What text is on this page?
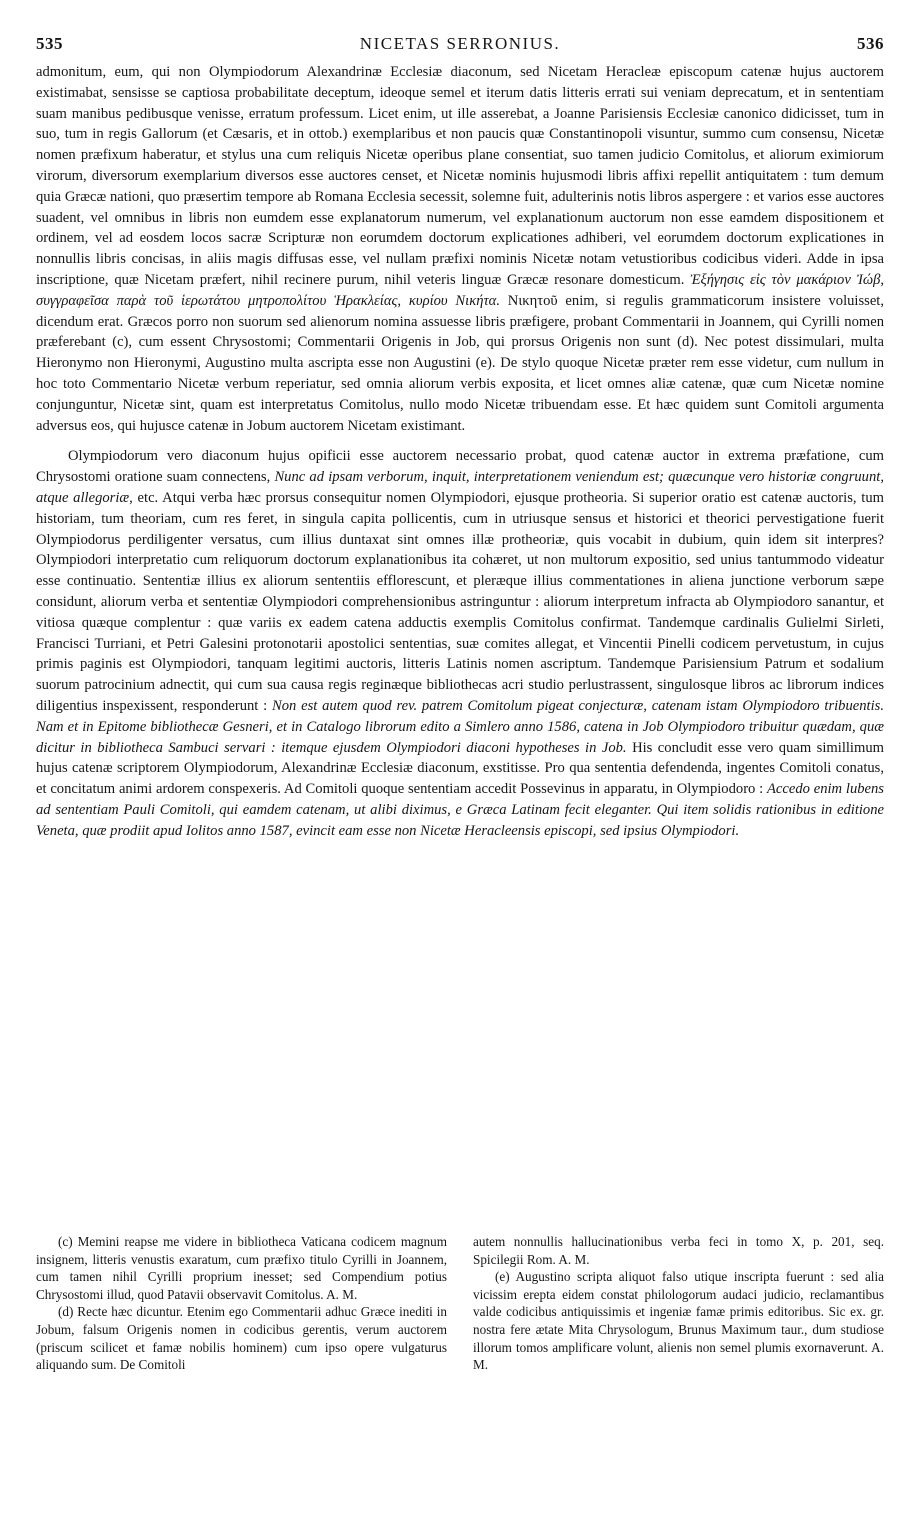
535	NICETAS SERRONIUS.	536

admonitum, eum, qui non Olympiodorum Alexandrinæ Ecclesiæ diaconum, sed Nicetam Heracleæ episcopum catenæ hujus auctorem existimabat, sensisse se captiosa probabilitate deceptum, ideoque semel et iterum datis litteris errati sui veniam deprecatum, et in sententiam suam manibus pedibusque venisse, erratum professum. Licet enim, ut ille asserebat, a Joanne Parisiensis Ecclesiæ canonico didicisset, tum in suo, tum in regis Gallorum (et Cæsaris, et in ottob.) exemplaribus et non paucis quæ Constantinopoli visuntur, summo cum consensu, Nicetæ nomen præfixum haberatur, et stylus una cum reliquis Nicetæ operibus plane consentiat, suo tamen judicio Comitolus, et aliorum eximiorum virorum, diversorum exemplarium diversos esse auctores censet, et Nicetæ nominis hujusmodi libris affixi repellit antiquitatem : tum demum quia Græcæ nationi, quo præsertim tempore ab Romana Ecclesia secessit, solemne fuit, adulterinis notis libros aspergere : et varios esse auctores suadent, vel omnibus in libris non eumdem esse explanatorum numerum, vel explanationum auctorum non esse eamdem dispositionem et ordinem, vel ad eosdem locos sacræ Scripturæ non eorumdem doctorum explicationes adhiberi, vel eorumdem doctorum explicationes in nonnullis libris concisas, in aliis magis diffusas esse, vel nullam præfixi nominis Nicetæ notam vetustioribus codicibus videri. Adde in ipsa inscriptione, quæ Nicetam præfert, nihil recinere purum, nihil veteris linguæ Græcæ resonare domesticum. Ἐξήγησις εἰς τὸν μακάριον Ἰώβ, συγγραφεῖσα παρὰ τοῦ ἱερωτάτου μητροπολίτου Ἡρακλείας, κυρίου Νικήτα. Νικητοῦ enim, si regulis grammaticorum insistere voluisset, dicendum erat. Græcos porro non suorum sed alienorum nomina assuesse libris præfigere, probant Commentarii in Joannem, qui Cyrilli nomen præferebant (c), cum essent Chrysostomi; Commentarii Origenis in Job, qui prorsus Origenis non sunt (d). Nec potest dissimulari, multa Hieronymo non Hieronymi, Augustino multa ascripta esse non Augustini (e). De stylo quoque Nicetæ præter rem esse videtur, cum nullum in hoc toto Commentario Nicetæ verbum reperiatur, sed omnia aliorum verbis exposita, et licet omnes aliæ catenæ, quæ cum Nicetæ nomine conjunguntur, Nicetæ sint, quam est interpretatus Comitolus, nullo modo Nicetæ tribuendam esse. Et hæc quidem sunt Comitoli argumenta adversus eos, qui hujusce catenæ in Jobum auctorem Nicetam existimant.

Olympiodorum vero diaconum hujus opificii esse auctorem necessario probat, quod catenæ auctor in extrema præfatione, cum Chrysostomi oratione suam connectens, Nunc ad ipsam verborum, inquit, interpretationem veniendum est; quæcunque vero historiæ congruunt, atque allegoriæ, etc. Atqui verba hæc prorsus consequitur nomen Olympiodori, ejusque protheoria. Si superior oratio est catenæ auctoris, tum historiam, tum theoriam, cum res feret, in singula capita pollicentis, cum in utriusque sensus et historici et theorici pervestigatione fuerit Olympiodorus perdiligenter versatus, cum illius duntaxat sint omnes illæ protheoriæ, quis vocabit in dubium, quin idem sit interpres? Olympiodori interpretatio cum reliquorum doctorum explanationibus ita cohæret, ut non multorum expositio, sed unius tantummodo videatur esse continuatio. Sententiæ illius ex aliorum sententiis efflorescunt, et pleræque illius commentationes in aliena junctione verborum sæpe considunt, aliorum verba et sententiæ Olympiodori comprehensionibus astringuntur : aliorum interpretum infracta ab Olympiodoro sanantur, et vitiosa quæque complentur : quæ variis ex eadem catena adductis exemplis Comitolus confirmat. Tandemque cardinalis Gulielmi Sirleti, Francisci Turriani, et Petri Galesini protonotarii apostolici sententias, suæ comites allegat, et Vincentii Pinelli codicem pervetustum, in cujus primis paginis est Olympiodori, tanquam legitimi auctoris, litteris Latinis nomen ascriptum. Tandemque Parisiensium Patrum et sodalium suorum patrocinium adnectit, qui cum sua causa regis reginæque bibliothecas acri studio perlustrassent, singulosque libros ac librorum indices diligentius inspexissent, responderunt : Non est autem quod rev. patrem Comitolum pigeat conjecturæ, catenam istam Olympiodoro tribuentis. Nam et in Epitome bibliothecæ Gesneri, et in Catalogo librorum edito a Simlero anno 1586, catena in Job Olympiodoro tribuitur quædam, quæ dicitur in bibliotheca Sambuci servari : itemque ejusdem Olympiodori diaconi hypotheses in Job. His concludit esse vero quam simillimum hujus catenæ scriptorem Olympiodorum, Alexandrinæ Ecclesiæ diaconum, exstitisse. Pro qua sententia defendenda, ingentes Comitoli conatus, et concitatum animi ardorem conspexeris. Ad Comitoli quoque sententiam accedit Possevinus in apparatu, in Olympiodoro : Accedo enim lubens ad sententiam Pauli Comitoli, qui eamdem catenam, ut alibi diximus, e Græca Latinam fecit eleganter. Qui item solidis rationibus in editione Veneta, quæ prodiit apud Iolitos anno 1587, evincit eam esse non Nicetæ Heracleensis episcopi, sed ipsius Olympiodori.

(c) Memini reapse me videre in bibliotheca Vaticana codicem magnum insignem, litteris venustis exaratum, cum præfixo titulo Cyrilli in Joannem, cum tamen nihil Cyrilli proprium inesset; sed Compendium potius Chrysostomi illud, quod Patavii observavit Comitolus. A. M.

(d) Recte hæc dicuntur. Etenim ego Commentarii adhuc Græce inediti in Jobum, falsum Origenis nomen in codicibus gerentis, verum auctorem (priscum scilicet et famæ nobilis hominem) cum ipso opere vulgaturus aliquando sum. De Comitoli

autem nonnullis hallucinationibus verba feci in tomo X, p. 201, seq. Spicilegii Rom. A. M.

(e) Augustino scripta aliquot falso utique inscripta fuerunt : sed alia vicissim erepta eidem constat philologorum audaci judicio, reclamantibus valde codicibus antiquissimis et ingeniæ famæ primis editoribus. Sic ex. gr. nostra fere ætate Mita Chrysologum, Brunus Maximum taur., dum studiose illorum tomos amplificare volunt, alienis non semel plumis exornaverunt. A. M.
